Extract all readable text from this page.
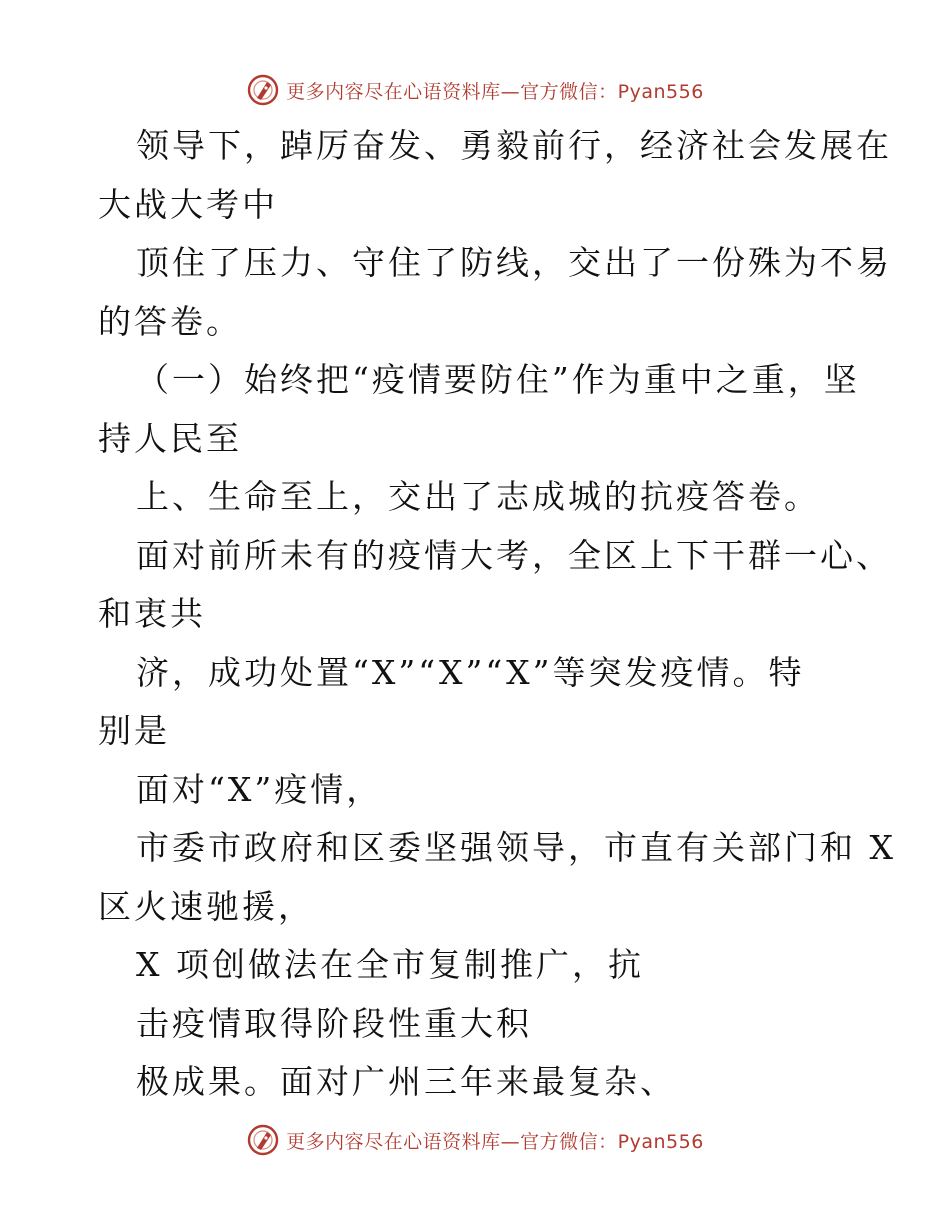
更多内容尽在心语资料库—官方微信：Pyan556
领导下，踔厉奋发、勇毅前行，经济社会发展在
大战大考中
顶住了压力、守住了防线，交出了一份殊为不易
的答卷。
（一）始终把“疫情要防住”作为重中之重，坚
持人民至
上、生命至上，交出了志成城的抗疫答卷。
面对前所未有的疫情大考，全区上下干群一心、
和衷共
济，成功处置“X”“X”“X”等突发疫情。特
别是
面对“X”疫情，
市委市政府和区委坚强领导，市直有关部门和 X
区火速驰援，
X 项创做法在全市复制推广，抗
击疫情取得阶段性重大积
极成果。面对广州三年来最复杂、
更多内容尽在心语资料库—官方微信：Pyan556
